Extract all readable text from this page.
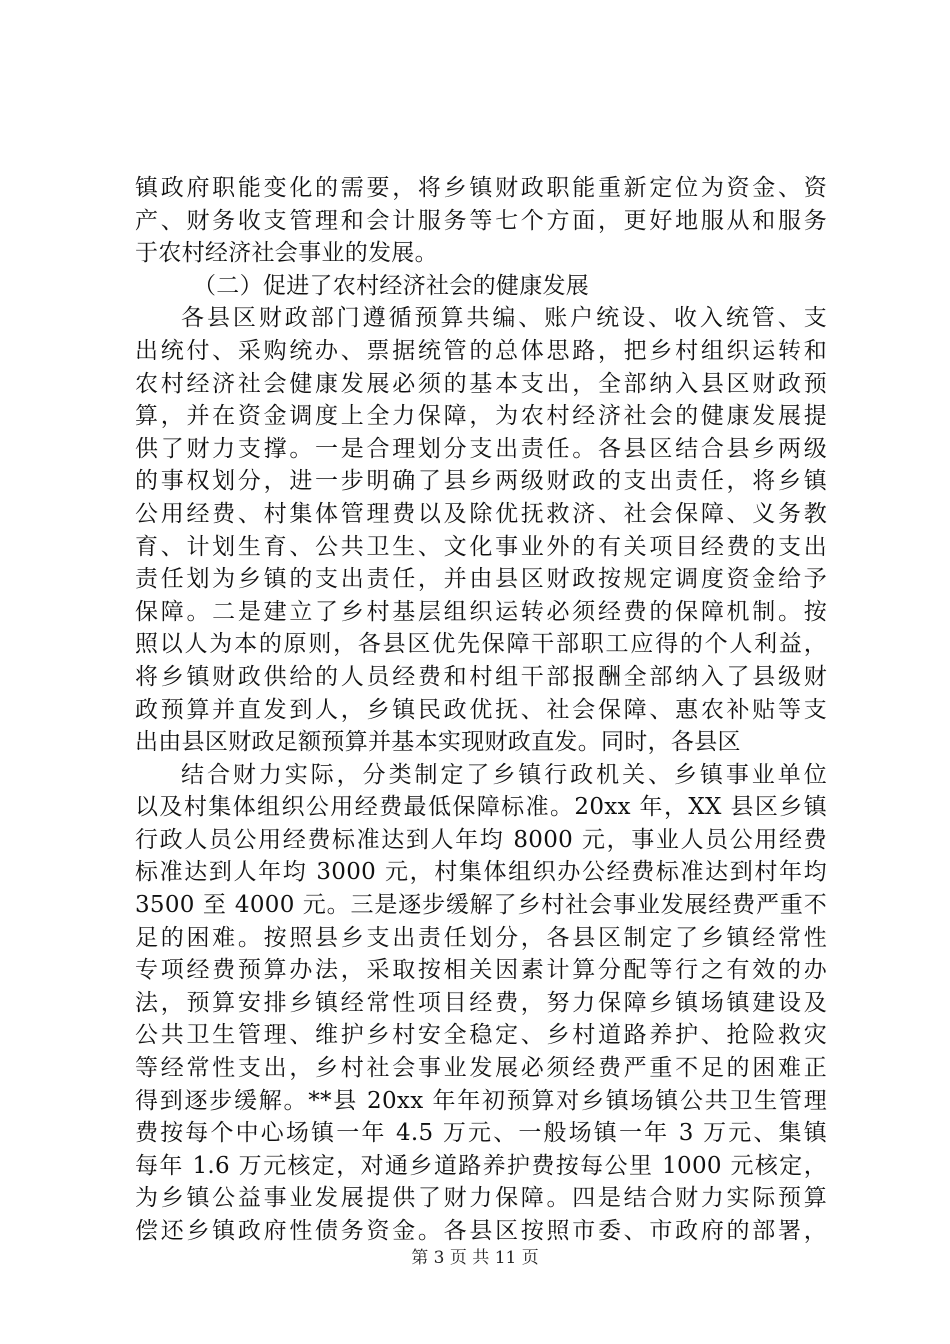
镇政府职能变化的需要，将乡镇财政职能重新定位为资金、资
产、财务收支管理和会计服务等七个方面，更好地服从和服务
于农村经济社会事业的发展。
（二）促进了农村经济社会的健康发展
各县区财政部门遵循预算共编、账户统设、收入统管、支
出统付、采购统办、票据统管的总体思路，把乡村组织运转和
农村经济社会健康发展必须的基本支出，全部纳入县区财政预
算，并在资金调度上全力保障，为农村经济社会的健康发展提
供了财力支撑。一是合理划分支出责任。各县区结合县乡两级
的事权划分，进一步明确了县乡两级财政的支出责任，将乡镇
公用经费、村集体管理费以及除优抚救济、社会保障、义务教
育、计划生育、公共卫生、文化事业外的有关项目经费的支出
责任划为乡镇的支出责任，并由县区财政按规定调度资金给予
保障。二是建立了乡村基层组织运转必须经费的保障机制。按
照以人为本的原则，各县区优先保障干部职工应得的个人利益，
将乡镇财政供给的人员经费和村组干部报酬全部纳入了县级财
政预算并直发到人，乡镇民政优抚、社会保障、惠农补贴等支
出由县区财政足额预算并基本实现财政直发。同时，各县区
结合财力实际，分类制定了乡镇行政机关、乡镇事业单位
以及村集体组织公用经费最低保障标准。20xx 年，XX 县区乡镇
行政人员公用经费标准达到人年均 8000 元，事业人员公用经费
标准达到人年均 3000 元，村集体组织办公经费标准达到村年均
3500 至 4000 元。三是逐步缓解了乡村社会事业发展经费严重不
足的困难。按照县乡支出责任划分，各县区制定了乡镇经常性
专项经费预算办法，采取按相关因素计算分配等行之有效的办
法，预算安排乡镇经常性项目经费，努力保障乡镇场镇建设及
公共卫生管理、维护乡村安全稳定、乡村道路养护、抢险救灾
等经常性支出，乡村社会事业发展必须经费严重不足的困难正
得到逐步缓解。**县 20xx 年年初预算对乡镇场镇公共卫生管理
费按每个中心场镇一年 4.5 万元、一般场镇一年 3 万元、集镇
每年 1.6 万元核定，对通乡道路养护费按每公里 1000 元核定，
为乡镇公益事业发展提供了财力保障。四是结合财力实际预算
偿还乡镇政府性债务资金。各县区按照市委、市政府的部署，
第 3 页 共 11 页
